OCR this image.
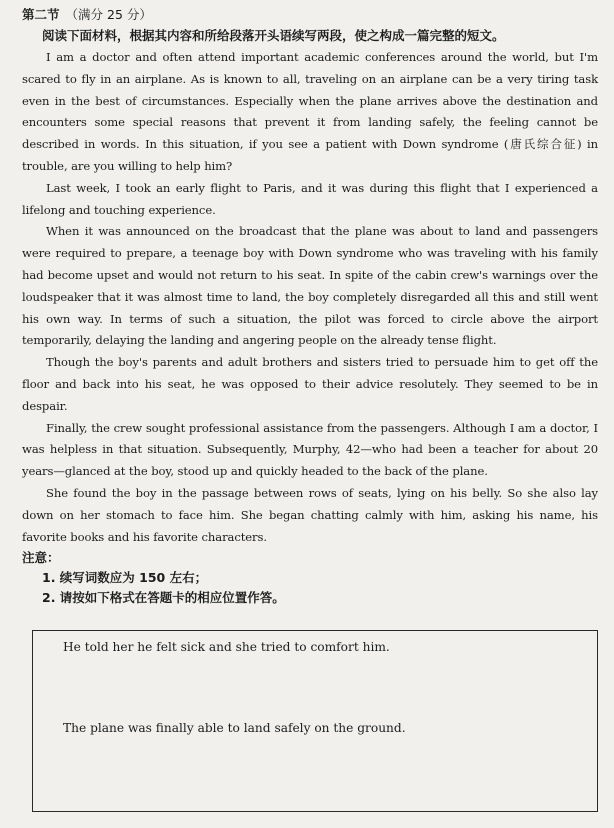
第二节 （满分 25 分）
阅读下面材料，根据其内容和所给段落开头语续写两段，使之构成一篇完整的短文。

I am a doctor and often attend important academic conferences around the world, but I'm scared to fly in an airplane. As is known to all, traveling on an airplane can be a very tiring task even in the best of circumstances. Especially when the plane arrives above the destination and encounters some special reasons that prevent it from landing safely, the feeling cannot be described in words. In this situation, if you see a patient with Down syndrome (唐氏综合征) in trouble, are you willing to help him?

Last week, I took an early flight to Paris, and it was during this flight that I experienced a lifelong and touching experience.

When it was announced on the broadcast that the plane was about to land and passengers were required to prepare, a teenage boy with Down syndrome who was traveling with his family had become upset and would not return to his seat. In spite of the cabin crew's warnings over the loudspeaker that it was almost time to land, the boy completely disregarded all this and still went his own way. In terms of such a situation, the pilot was forced to circle above the airport temporarily, delaying the landing and angering people on the already tense flight.

Though the boy's parents and adult brothers and sisters tried to persuade him to get off the floor and back into his seat, he was opposed to their advice resolutely. They seemed to be in despair.

Finally, the crew sought professional assistance from the passengers. Although I am a doctor, I was helpless in that situation. Subsequently, Murphy, 42—who had been a teacher for about 20 years—glanced at the boy, stood up and quickly headed to the back of the plane.

She found the boy in the passage between rows of seats, lying on his belly. So she also lay down on her stomach to face him. She began chatting calmly with him, asking his name, his favorite books and his favorite characters.

注意：
1. 续写词数应为 150 左右；
2. 请按如下格式在答题卡的相应位置作答。
He told her he felt sick and she tried to comfort him.
The plane was finally able to land safely on the ground.
